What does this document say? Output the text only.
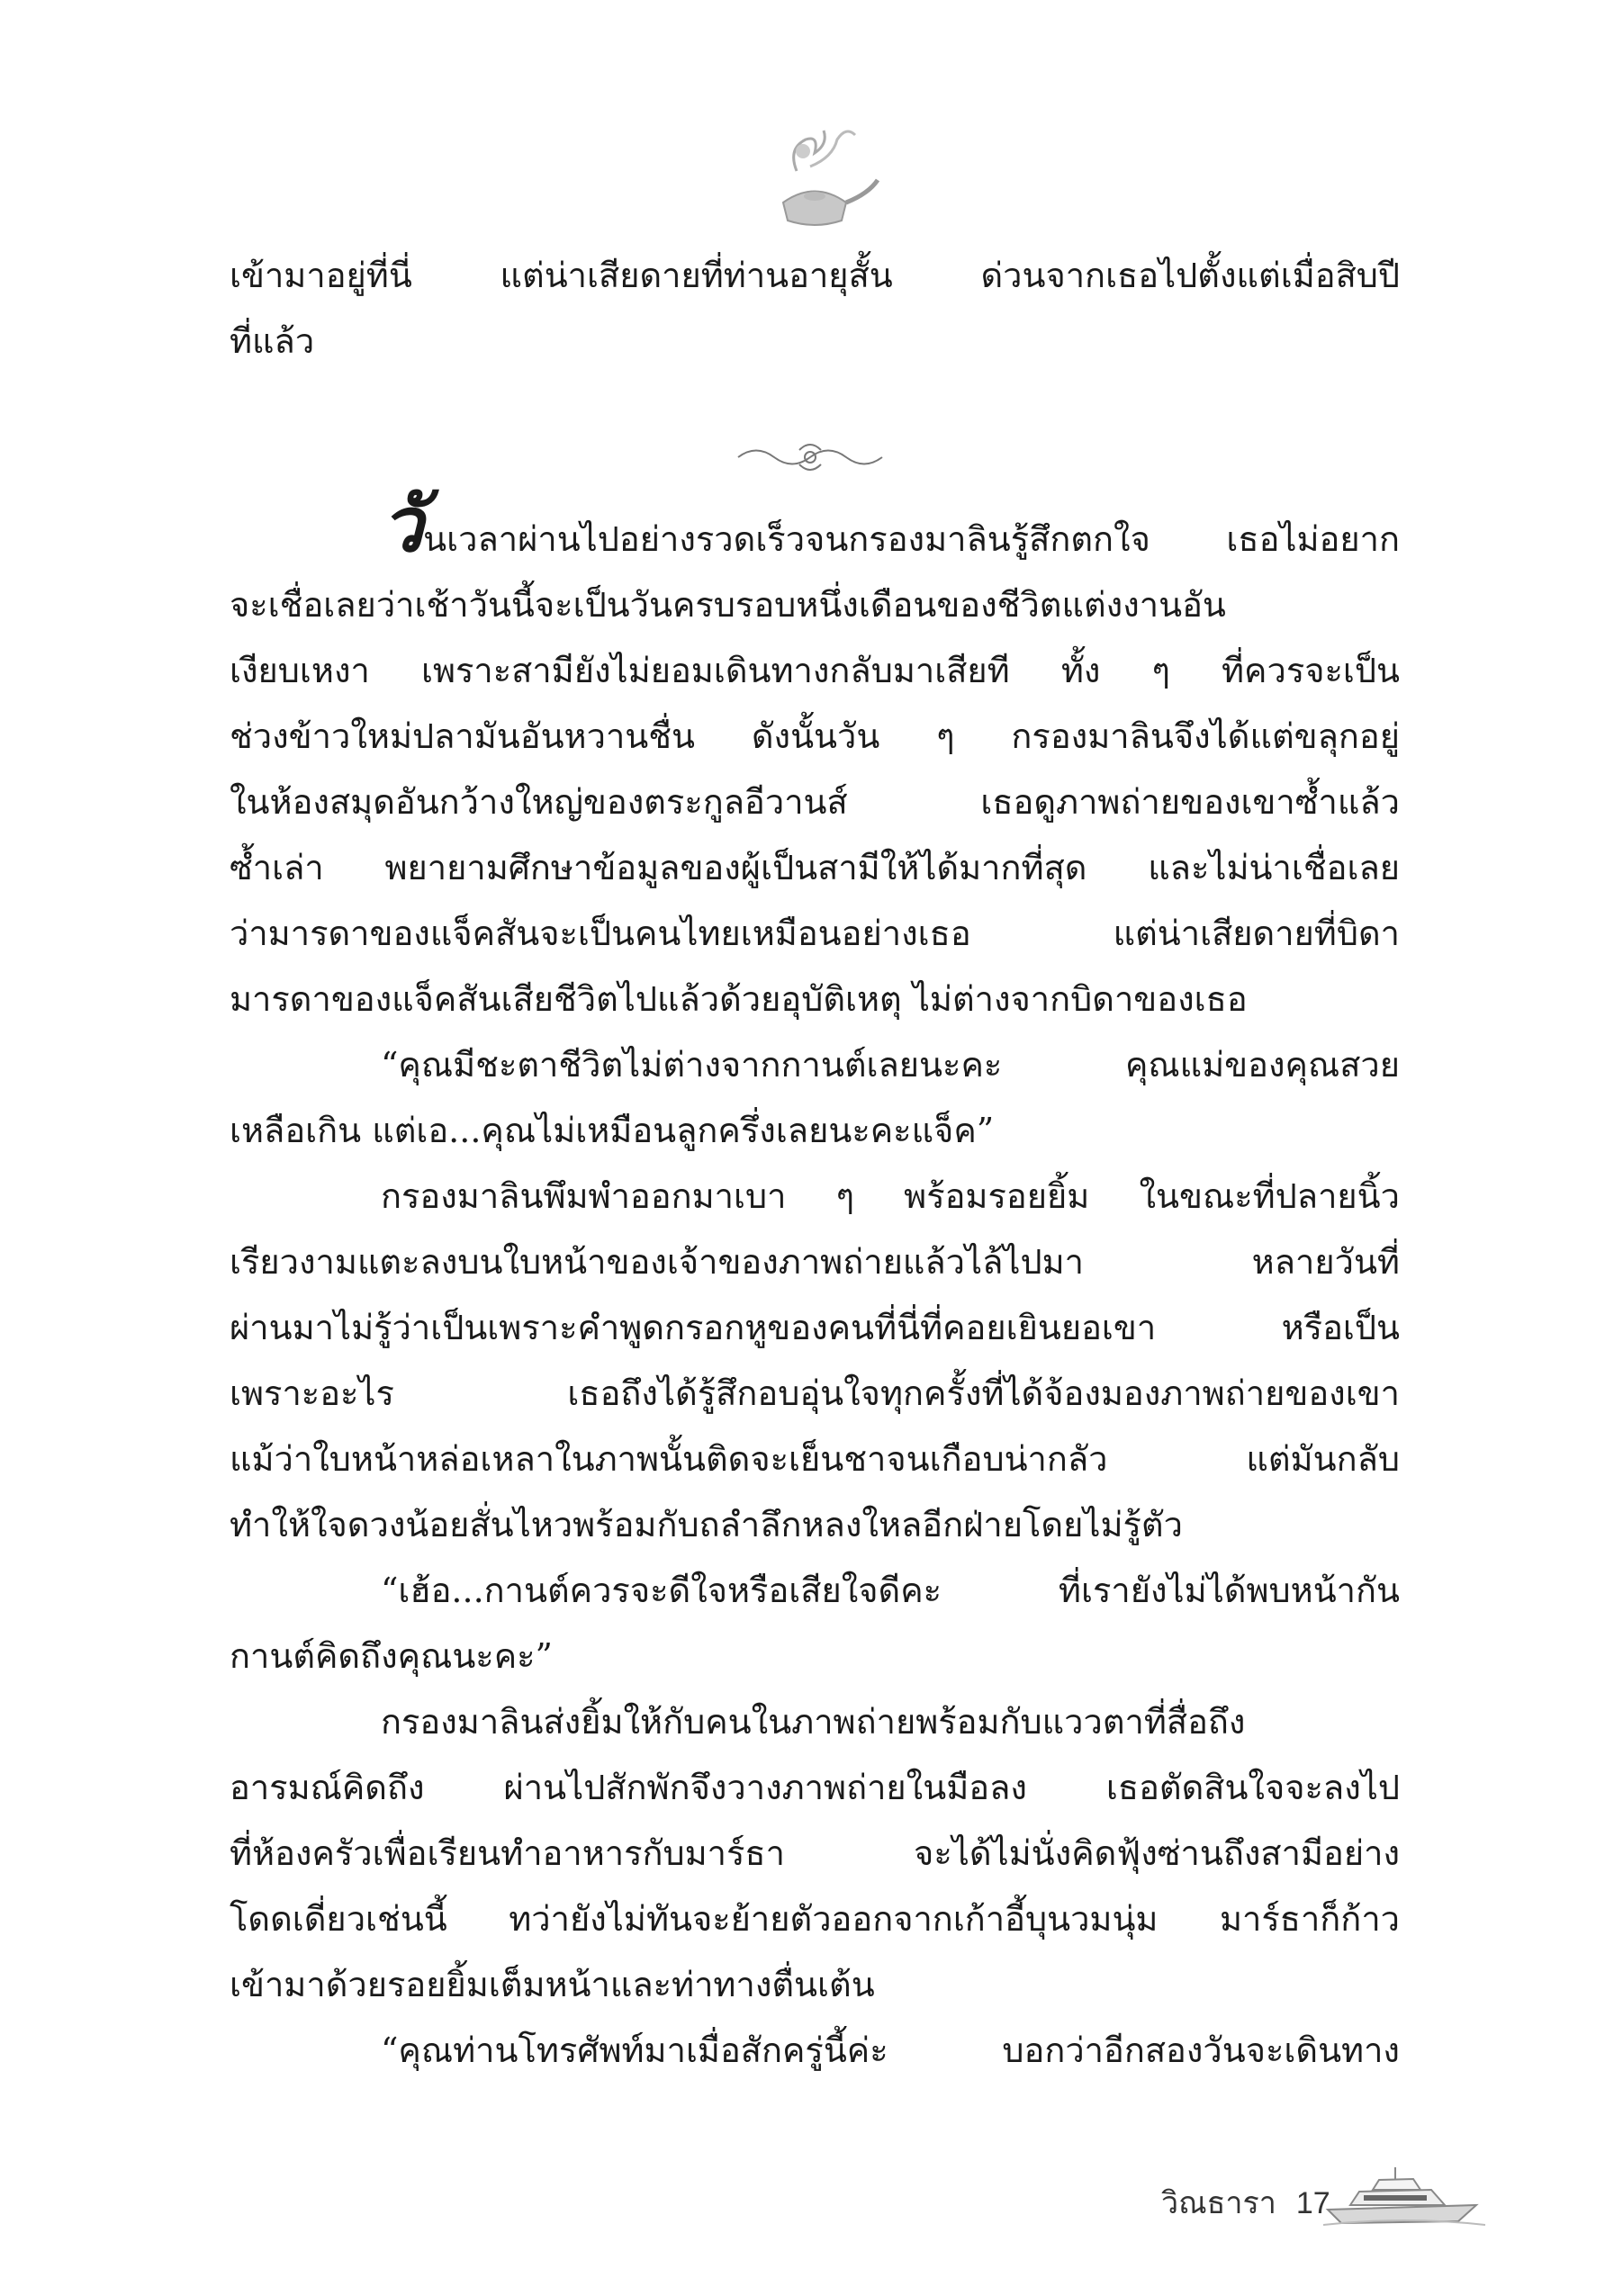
เข้ามาอยู่ที่นี่ แต่น่าเสียดายที่ท่านอายุสั้น ด่วนจากเธอไปตั้งแต่เมื่อสิบปี
ที่แล้ว
วันเวลาผ่านไปอย่างรวดเร็วจนกรองมาลินรู้สึกตกใจ เธอไม่อยาก
จะเชื่อเลยว่าเช้าวันนี้จะเป็นวันครบรอบหนึ่งเดือนของชีวิตแต่งงานอัน
เงียบเหงา เพราะสามียังไม่ยอมเดินทางกลับมาเสียที ทั้ง ๆ ที่ควรจะเป็น
ช่วงข้าวใหม่ปลามันอันหวานชื่น ดังนั้นวัน ๆ กรองมาลินจึงได้แต่ขลุกอยู่
ในห้องสมุดอันกว้างใหญ่ของตระกูลอีวานส์ เธอดูภาพถ่ายของเขาซ้ำแล้ว
ซ้ำเล่า พยายามศึกษาข้อมูลของผู้เป็นสามีให้ได้มากที่สุด และไม่น่าเชื่อเลย
ว่ามารดาของแจ็คสันจะเป็นคนไทยเหมือนอย่างเธอ แต่น่าเสียดายที่บิดา
มารดาของแจ็คสันเสียชีวิตไปแล้วด้วยอุบัติเหตุ ไม่ต่างจากบิดาของเธอ
“คุณมีชะตาชีวิตไม่ต่างจากกานต์เลยนะคะ คุณแม่ของคุณสวย
เหลือเกิน แต่เอ...คุณไม่เหมือนลูกครึ่งเลยนะคะแจ็ค”
กรองมาลินพึมพำออกมาเบา ๆ พร้อมรอยยิ้ม ในขณะที่ปลายนิ้ว
เรียวงามแตะลงบนใบหน้าของเจ้าของภาพถ่ายแล้วไล้ไปมา หลายวันที่
ผ่านมาไม่รู้ว่าเป็นเพราะคำพูดกรอกหูของคนที่นี่ที่คอยเยินยอเขา หรือเป็น
เพราะอะไร เธอถึงได้รู้สึกอบอุ่นใจทุกครั้งที่ได้จ้องมองภาพถ่ายของเขา
แม้ว่าใบหน้าหล่อเหลาในภาพนั้นติดจะเย็นชาจนเกือบน่ากลัว แต่มันกลับ
ทำให้ใจดวงน้อยสั่นไหวพร้อมกับถลำลึกหลงใหลอีกฝ่ายโดยไม่รู้ตัว
“เฮ้อ...กานต์ควรจะดีใจหรือเสียใจดีคะ ที่เรายังไม่ได้พบหน้ากัน
กานต์คิดถึงคุณนะคะ”
กรองมาลินส่งยิ้มให้กับคนในภาพถ่ายพร้อมกับแววตาที่สื่อถึง
อารมณ์คิดถึง ผ่านไปสักพักจึงวางภาพถ่ายในมือลง เธอตัดสินใจจะลงไป
ที่ห้องครัวเพื่อเรียนทำอาหารกับมาร์ธา จะได้ไม่นั่งคิดฟุ้งซ่านถึงสามีอย่าง
โดดเดี่ยวเช่นนี้ ทว่ายังไม่ทันจะย้ายตัวออกจากเก้าอี้บุนวมนุ่ม มาร์ธาก็ก้าว
เข้ามาด้วยรอยยิ้มเต็มหน้าและท่าทางตื่นเต้น
“คุณท่านโทรศัพท์มาเมื่อสักครู่นี้ค่ะ บอกว่าอีกสองวันจะเดินทาง
วิณธารา 17
